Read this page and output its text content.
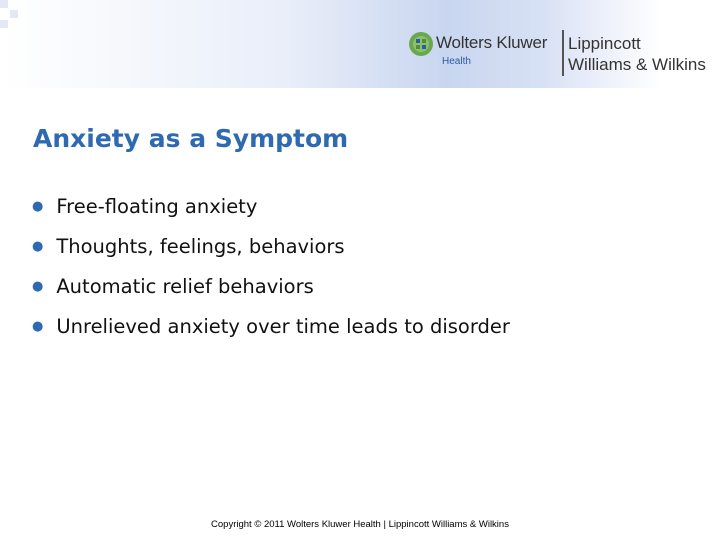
Wolters Kluwer
Health
Lippincott
Williams & Wilkins
Anxiety as a Symptom
● Free-floating anxiety
● Thoughts, feelings, behaviors
● Automatic relief behaviors
● Unrelieved anxiety over time leads to disorder
Copyright © 2011 Wolters Kluwer Health | Lippincott Williams & Wilkins
